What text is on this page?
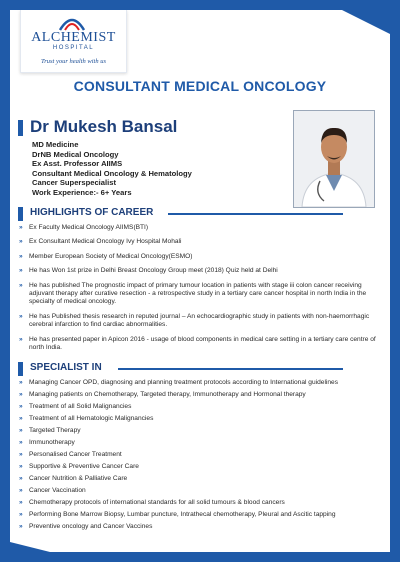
ALCHEMIST
HOSPITAL
Trust your health with us
CONSULTANT MEDICAL ONCOLOGY
Dr Mukesh Bansal
MD Medicine
DrNB Medical Oncology
Ex Asst. Professor AIIMS
Consultant Medical Oncology & Hematology
Cancer Superspecialist
Work Experience:- 6+ Years
HIGHLIGHTS OF CAREER
» Ex Faculty Medical Oncology AIIMS(BTI)
» Ex Consultant Medical Oncology Ivy Hospital Mohali
» Member European Society of Medical Oncology(ESMO)
» He has Won 1st prize in Delhi Breast Oncology Group meet (2018) Quiz held at Delhi
» He has published The prognostic impact of primary tumour location in patients with stage iii colon cancer receiving adjuvant therapy after curative resection - a retrospective study in a tertiary care cancer hospital in north India in the specialty of medical oncology.
» He has Published thesis research in reputed journal – An echocardiographic study in patients with non-haemorrhagic cerebral infarction to find cardiac abnormalities.
» He has presented paper in Apicon 2016 - usage of blood components in medical care setting in a tertiary care centre of north India.
SPECIALIST IN
» Managing Cancer OPD, diagnosing and planning treatment protocols according to International guidelines
» Managing patients on Chemotherapy, Targeted therapy, Immunotherapy and Hormonal therapy
» Treatment of all Solid Malignancies
» Treatment of all Hematologic Malignancies
» Targeted Therapy
» Immunotherapy
» Personalised Cancer Treatment
» Supportive & Preventive Cancer Care
» Cancer Nutrition & Palliative Care
» Cancer Vaccination
» Chemotherapy protocols of international standards for all solid tumours & blood cancers
» Performing Bone Marrow Biopsy, Lumbar puncture, Intrathecal chemotherapy, Pleural and Ascitic tapping
» Preventive oncology and Cancer Vaccines
